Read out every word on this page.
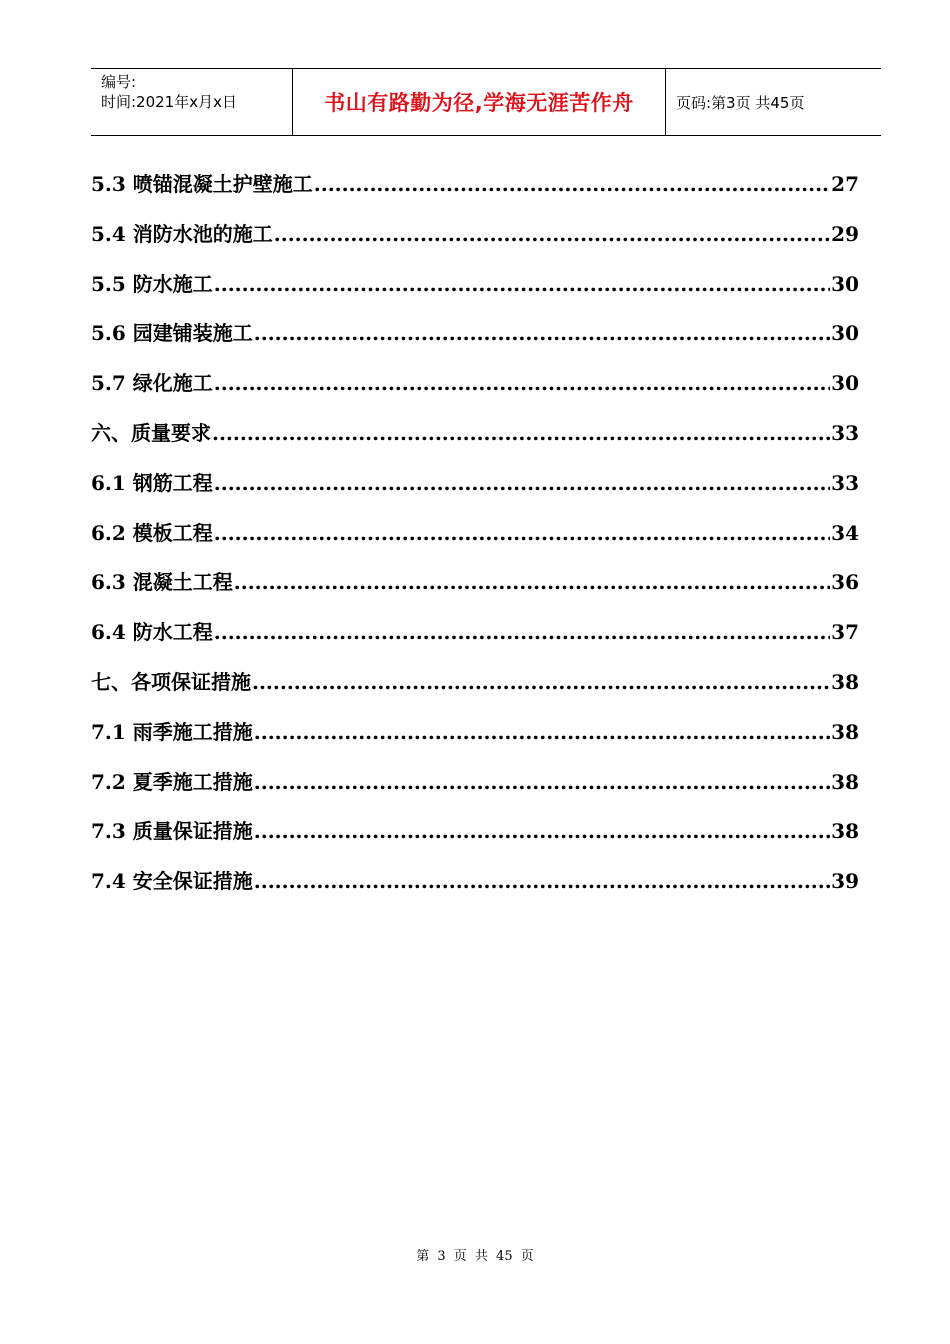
编号:
时间:2021年x月x日	书山有路勤为径,学海无涯苦作舟	页码:第3页 共45页
5.3 喷锚混凝土护壁施工 .....	27
5.4 消防水池的施工 .....	29
5.5 防水施工 .....	30
5.6 园建铺装施工 .....	30
5.7 绿化施工 .....	30
六、质量要求 .....	33
6.1 钢筋工程 .....	33
6.2 模板工程 .....	34
6.3 混凝土工程 .....	36
6.4 防水工程 .....	37
七、各项保证措施 .....	38
7.1 雨季施工措施 .....	38
7.2 夏季施工措施 .....	38
7.3 质量保证措施 .....	38
7.4 安全保证措施 .....	39
第 3 页 共 45 页
